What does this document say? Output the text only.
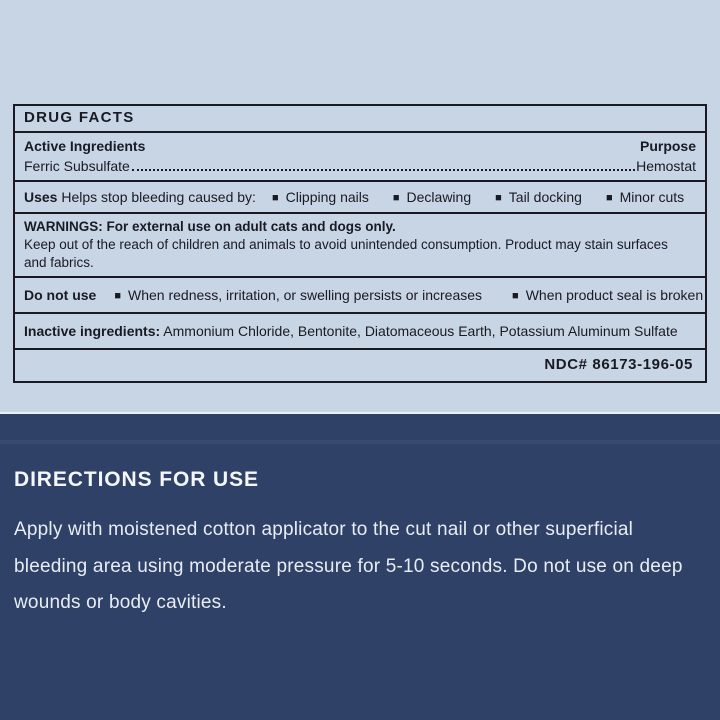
DRUG FACTS
Active Ingredients	Purpose
Ferric Subsulfate	Hemostat
Uses Helps stop bleeding caused by: ■ Clipping nails ■ Declawing ■ Tail docking ■ Minor cuts
WARNINGS: For external use on adult cats and dogs only.
Keep out of the reach of children and animals to avoid unintended consumption. Product may stain surfaces
and fabrics.
Do not use ■ When redness, irritation, or swelling persists or increases	■ When product seal is broken
Inactive ingredients: Ammonium Chloride, Bentonite, Diatomaceous Earth, Potassium Aluminum Sulfate
NDC# 86173-196-05
DIRECTIONS FOR USE
Apply with moistened cotton applicator to the cut nail or other superficial
bleeding area using moderate pressure for 5-10 seconds. Do not use on deep
wounds or body cavities.
